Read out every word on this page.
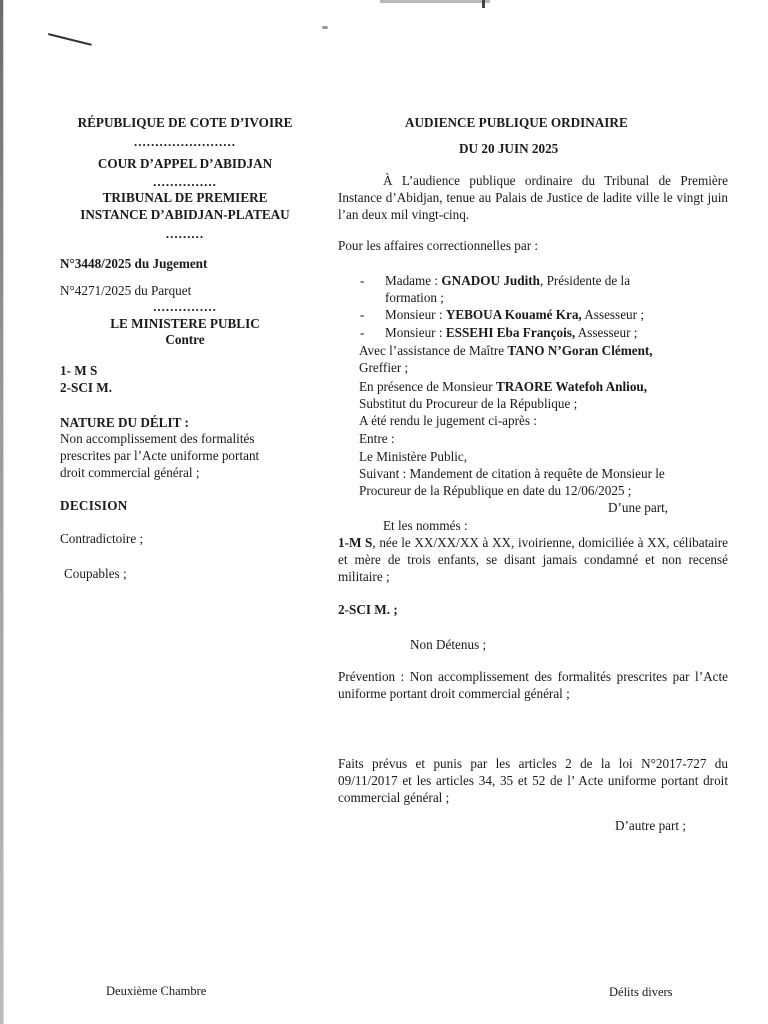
RÉPUBLIQUE DE COTE D’IVOIRE
........................
COUR D’APPEL D’ABIDJAN
...............
TRIBUNAL DE PREMIERE
INSTANCE D’ABIDJAN-PLATEAU
.........
N°3448/2025 du Jugement
N°4271/2025 du Parquet
...............
LE MINISTERE PUBLIC
Contre
1- M S
2-SCI M.
NATURE DU DÉLIT :
Non accomplissement des formalités
prescrites par l’Acte uniforme portant
droit commercial général ;
DECISION
Contradictoire ;
Coupables ;
AUDIENCE PUBLIQUE ORDINAIRE
DU 20 JUIN 2025
À L’audience publique ordinaire du Tribunal de Première Instance d’Abidjan, tenue au Palais de Justice de ladite ville le vingt juin l’an deux mil vingt-cinq.
Pour les affaires correctionnelles par :
- Madame : GNADOU Judith, Présidente de la
formation ;
- Monsieur : YEBOUA Kouamé Kra, Assesseur ;
- Monsieur : ESSEHI Eba François, Assesseur ;
Avec l’assistance de Maître TANO N’Goran Clément,
Greffier ;
En présence de Monsieur TRAORE Watefoh Anliou,
Substitut du Procureur de la République ;
A été rendu le jugement ci-après :
Entre :
Le Ministère Public,
Suivant : Mandement de citation à requête de Monsieur le
Procureur de la République en date du 12/06/2025 ;
D’une part,
Et les nommés :
1-M S, née le XX/XX/XX à XX, ivoirienne, domiciliée à XX, célibataire et mère de trois enfants, se disant jamais condamné et non recensé militaire ;
2-SCI M. ;
Non Détenus ;
Prévention : Non accomplissement des formalités prescrites par l’Acte uniforme portant droit commercial général ;
Faits prévus et punis par les articles 2 de la loi N°2017-727 du 09/11/2017 et les articles 34, 35 et 52 de l’ Acte uniforme portant droit commercial général ;
D’autre part ;
Deuxième Chambre	Délits divers
